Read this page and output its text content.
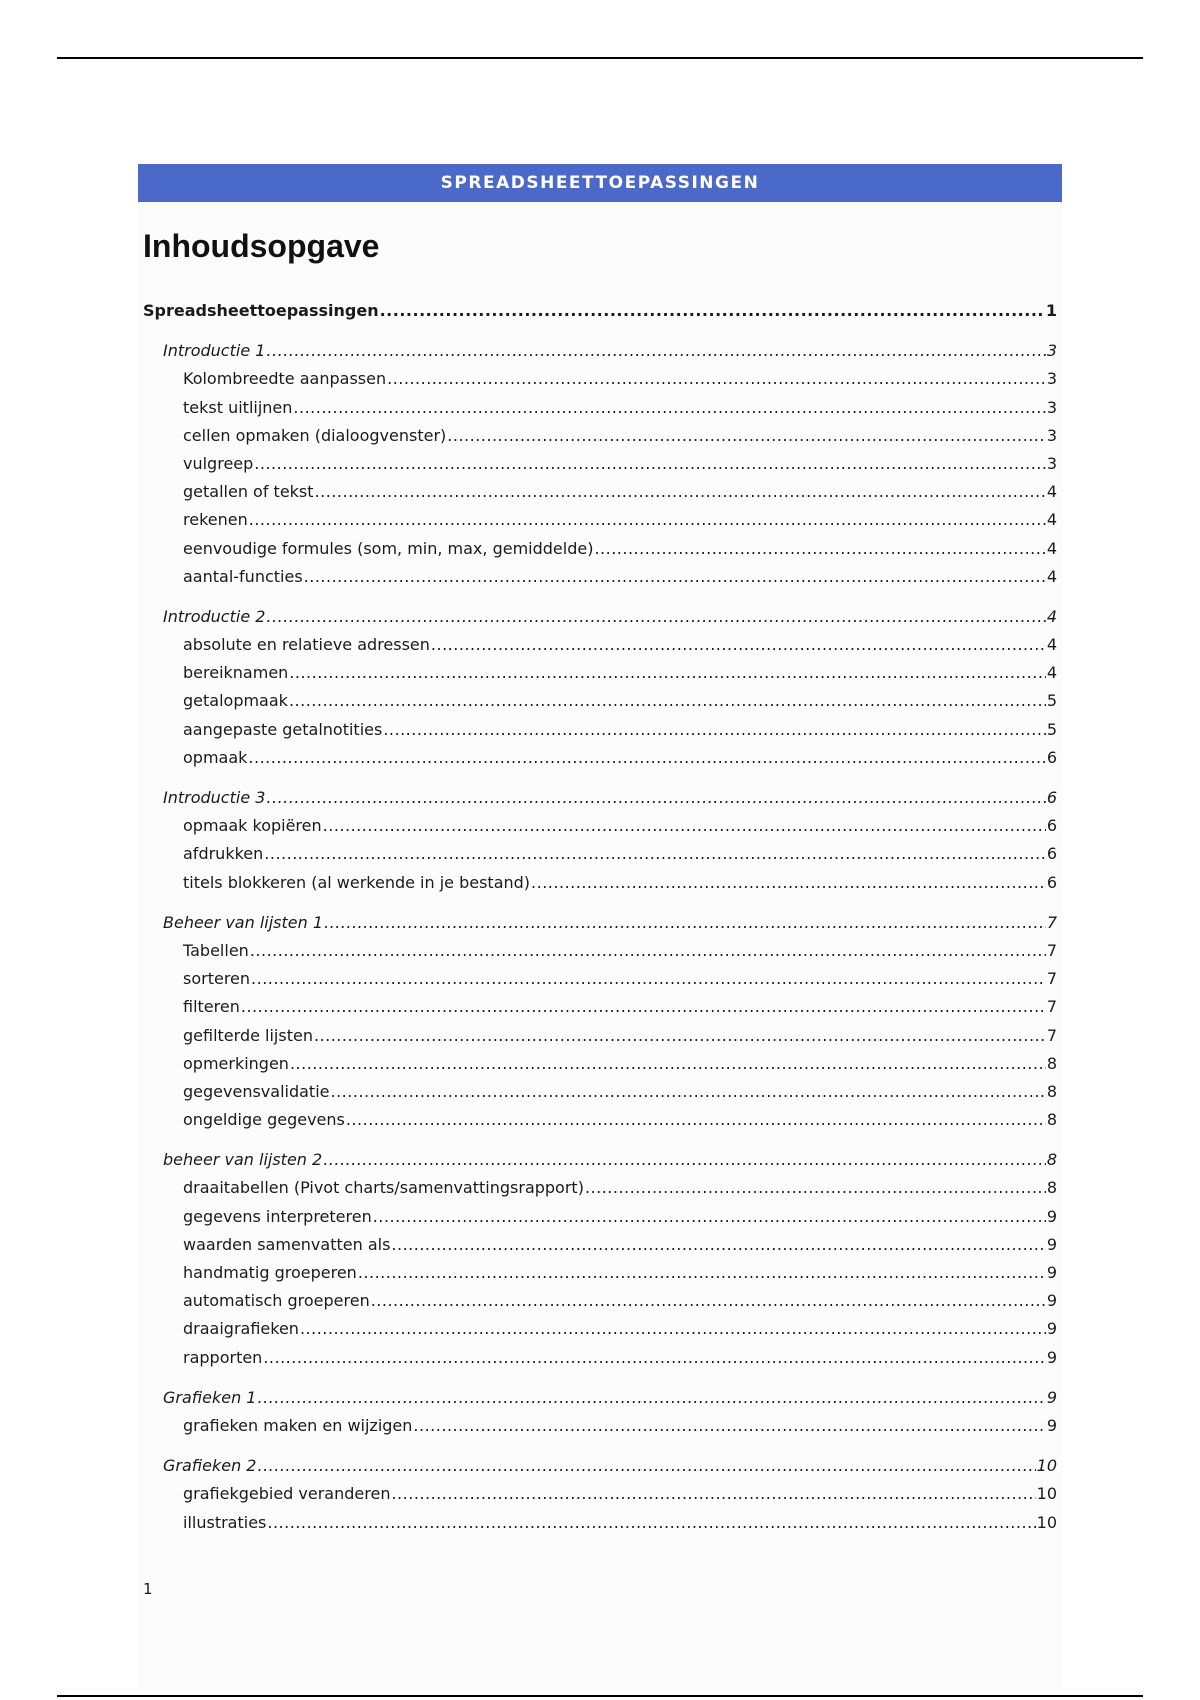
SPREADSHEETTOEPASSINGEN
Inhoudsopgave
Spreadsheettoepassingen .....	1
Introductie 1 .....	3
Kolombreedte aanpassen .....	3
tekst uitlijnen .....	3
cellen opmaken (dialoogvenster) .....	3
vulgreep .....	3
getallen of tekst .....	4
rekenen .....	4
eenvoudige formules (som, min, max, gemiddelde) .....	4
aantal-functies .....	4
Introductie 2 .....	4
absolute en relatieve adressen .....	4
bereiknamen .....	4
getalopmaak .....	5
aangepaste getalnotities .....	5
opmaak .....	6
Introductie 3 .....	6
opmaak kopiëren .....	6
afdrukken .....	6
titels blokkeren (al werkende in je bestand) .....	6
Beheer van lijsten 1 .....	7
Tabellen .....	7
sorteren .....	7
filteren .....	7
gefilterde lijsten .....	7
opmerkingen .....	8
gegevensvalidatie .....	8
ongeldige gegevens .....	8
beheer van lijsten 2 .....	8
draaitabellen (Pivot charts/samenvattingsrapport) .....	8
gegevens interpreteren .....	9
waarden samenvatten als .....	9
handmatig groeperen .....	9
automatisch groeperen .....	9
draaigrafieken .....	9
rapporten .....	9
Grafieken 1 .....	9
grafieken maken en wijzigen .....	9
Grafieken 2 .....	10
grafiekgebied veranderen .....	10
illustraties .....	10
1
